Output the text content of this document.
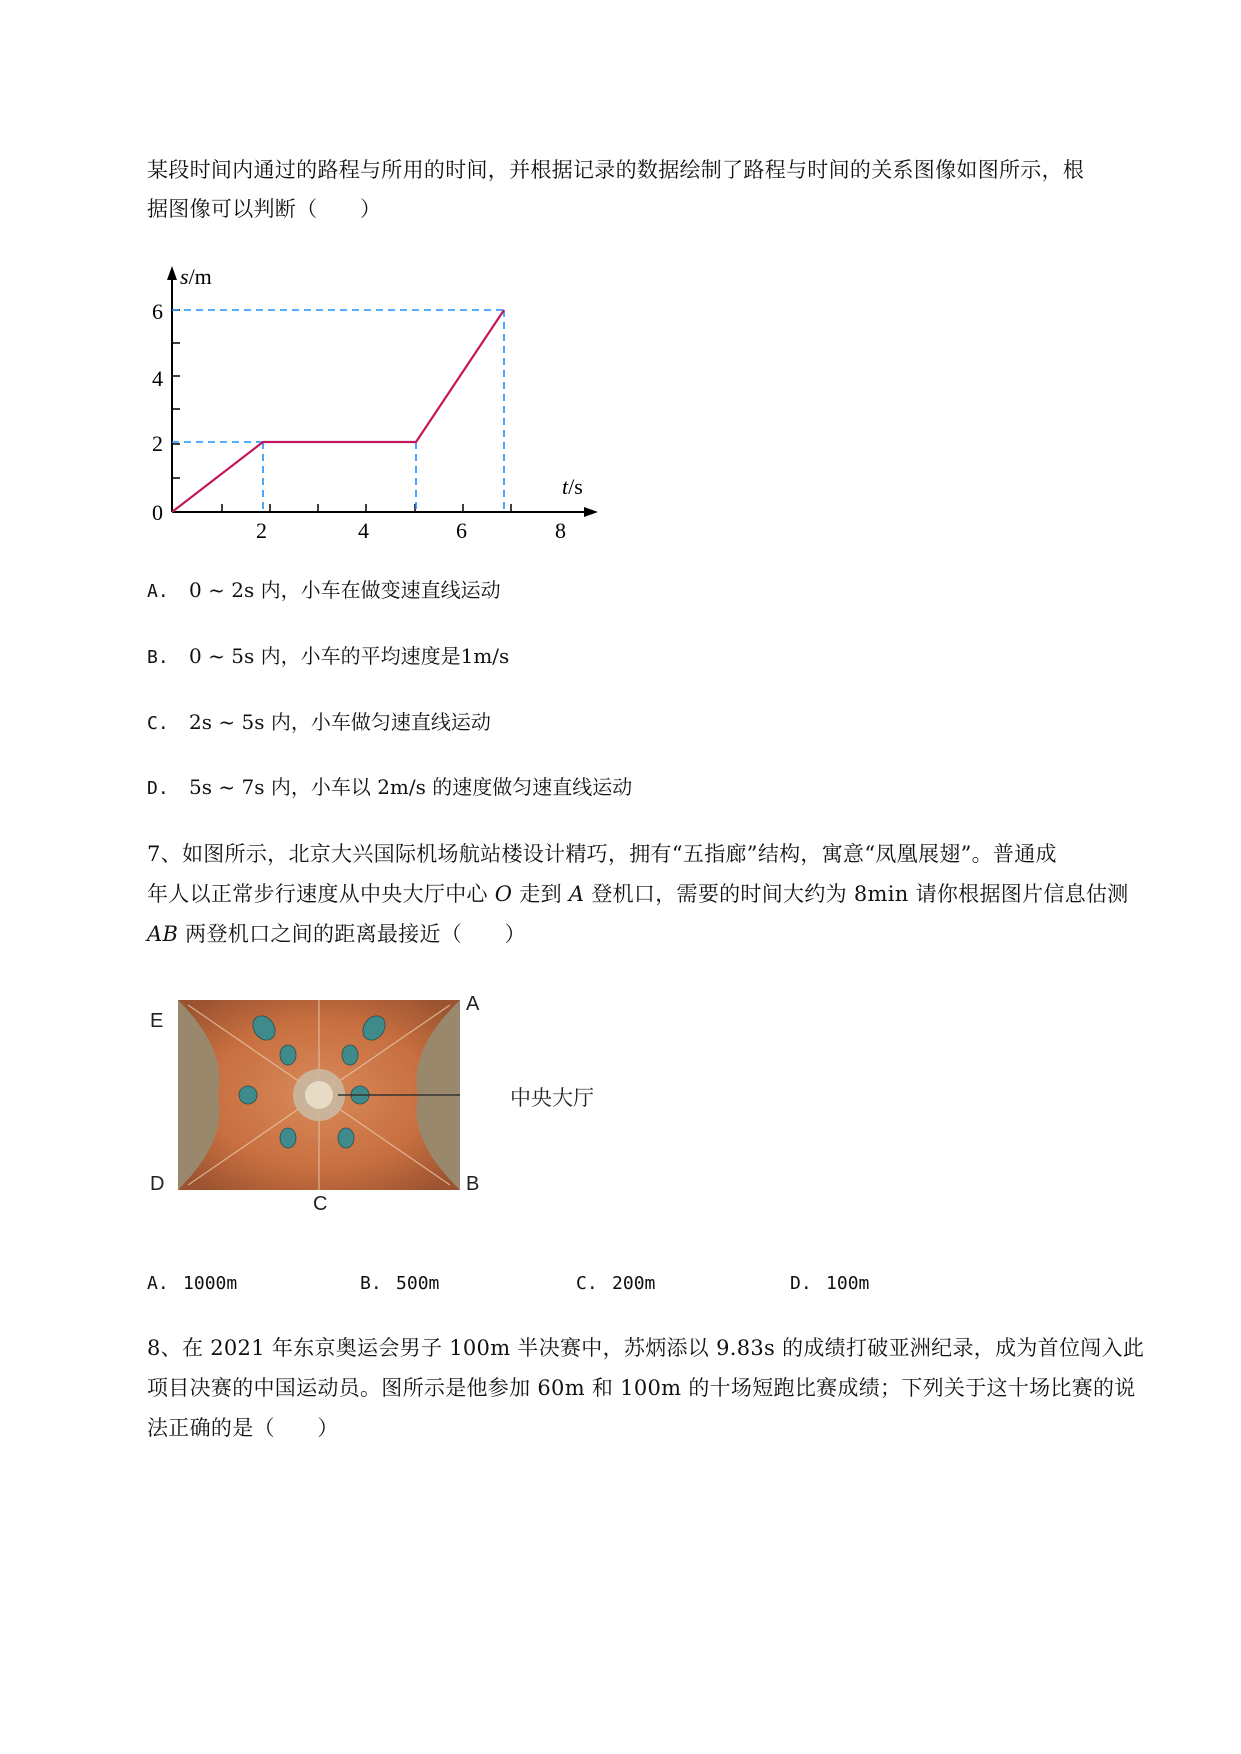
某段时间内通过的路程与所用的时间，并根据记录的数据绘制了路程与时间的关系图像如图所示，根
据图像可以判断（　　）
s/m
t/s
6
4
2
0
2	4	6	8
A. 0 ~ 2s 内，小车在做变速直线运动
B. 0 ~ 5s 内，小车的平均速度是1m/s
C. 2s ~ 5s 内，小车做匀速直线运动
D. 5s ~ 7s 内，小车以 2m/s 的速度做匀速直线运动
7、如图所示，北京大兴国际机场航站楼设计精巧，拥有“五指廊”结构，寓意“凤凰展翅”。普通成
年人以正常步行速度从中央大厅中心 O 走到 A 登机口，需要的时间大约为 8min 请你根据图片信息估测
AB 两登机口之间的距离最接近（　　）
E
A
D	B
C
中央大厅
A. 1000m	B. 500m	C. 200m	D. 100m
8、在 2021 年东京奥运会男子 100m 半决赛中，苏炳添以 9.83s 的成绩打破亚洲纪录，成为首位闯入此
项目决赛的中国运动员。图所示是他参加 60m 和 100m 的十场短跑比赛成绩；下列关于这十场比赛的说
法正确的是（　　）
